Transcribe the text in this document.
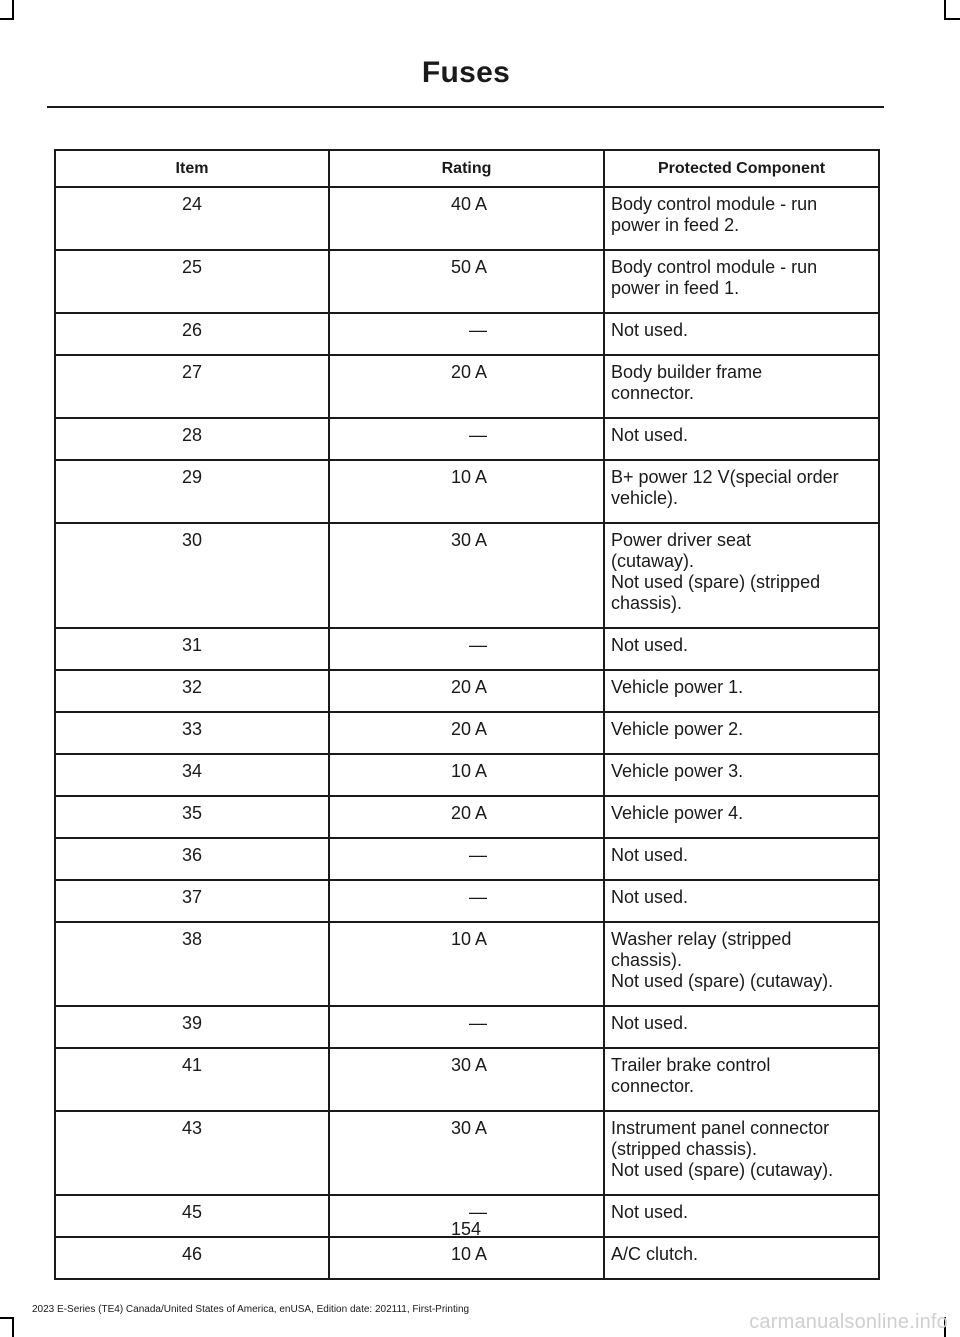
Fuses
Item	Rating	Protected Component
24	40 A	Body control module - run
power in feed 2.

25	50 A	Body control module - run
power in feed 1.

26	—	Not used.

27	20 A	Body builder frame
connector.

28	—	Not used.

29	10 A	B+ power 12 V(special order
vehicle).

30	30 A	Power driver seat
(cutaway).
Not used (spare) (stripped
chassis).

31	—	Not used.

32	20 A	Vehicle power 1.

33	20 A	Vehicle power 2.

34	10 A	Vehicle power 3.

35	20 A	Vehicle power 4.

36	—	Not used.

37	—	Not used.

38	10 A	Washer relay (stripped
chassis).
Not used (spare) (cutaway).

39	—	Not used.

41	30 A	Trailer brake control
connector.

43	30 A	Instrument panel connector
(stripped chassis).
Not used (spare) (cutaway).

45	—	Not used.

46	10 A	A/C clutch.
154
2023 E-Series (TE4) Canada/United States of America, enUSA, Edition date: 202111, First-Printing
carmanualsonline.info
